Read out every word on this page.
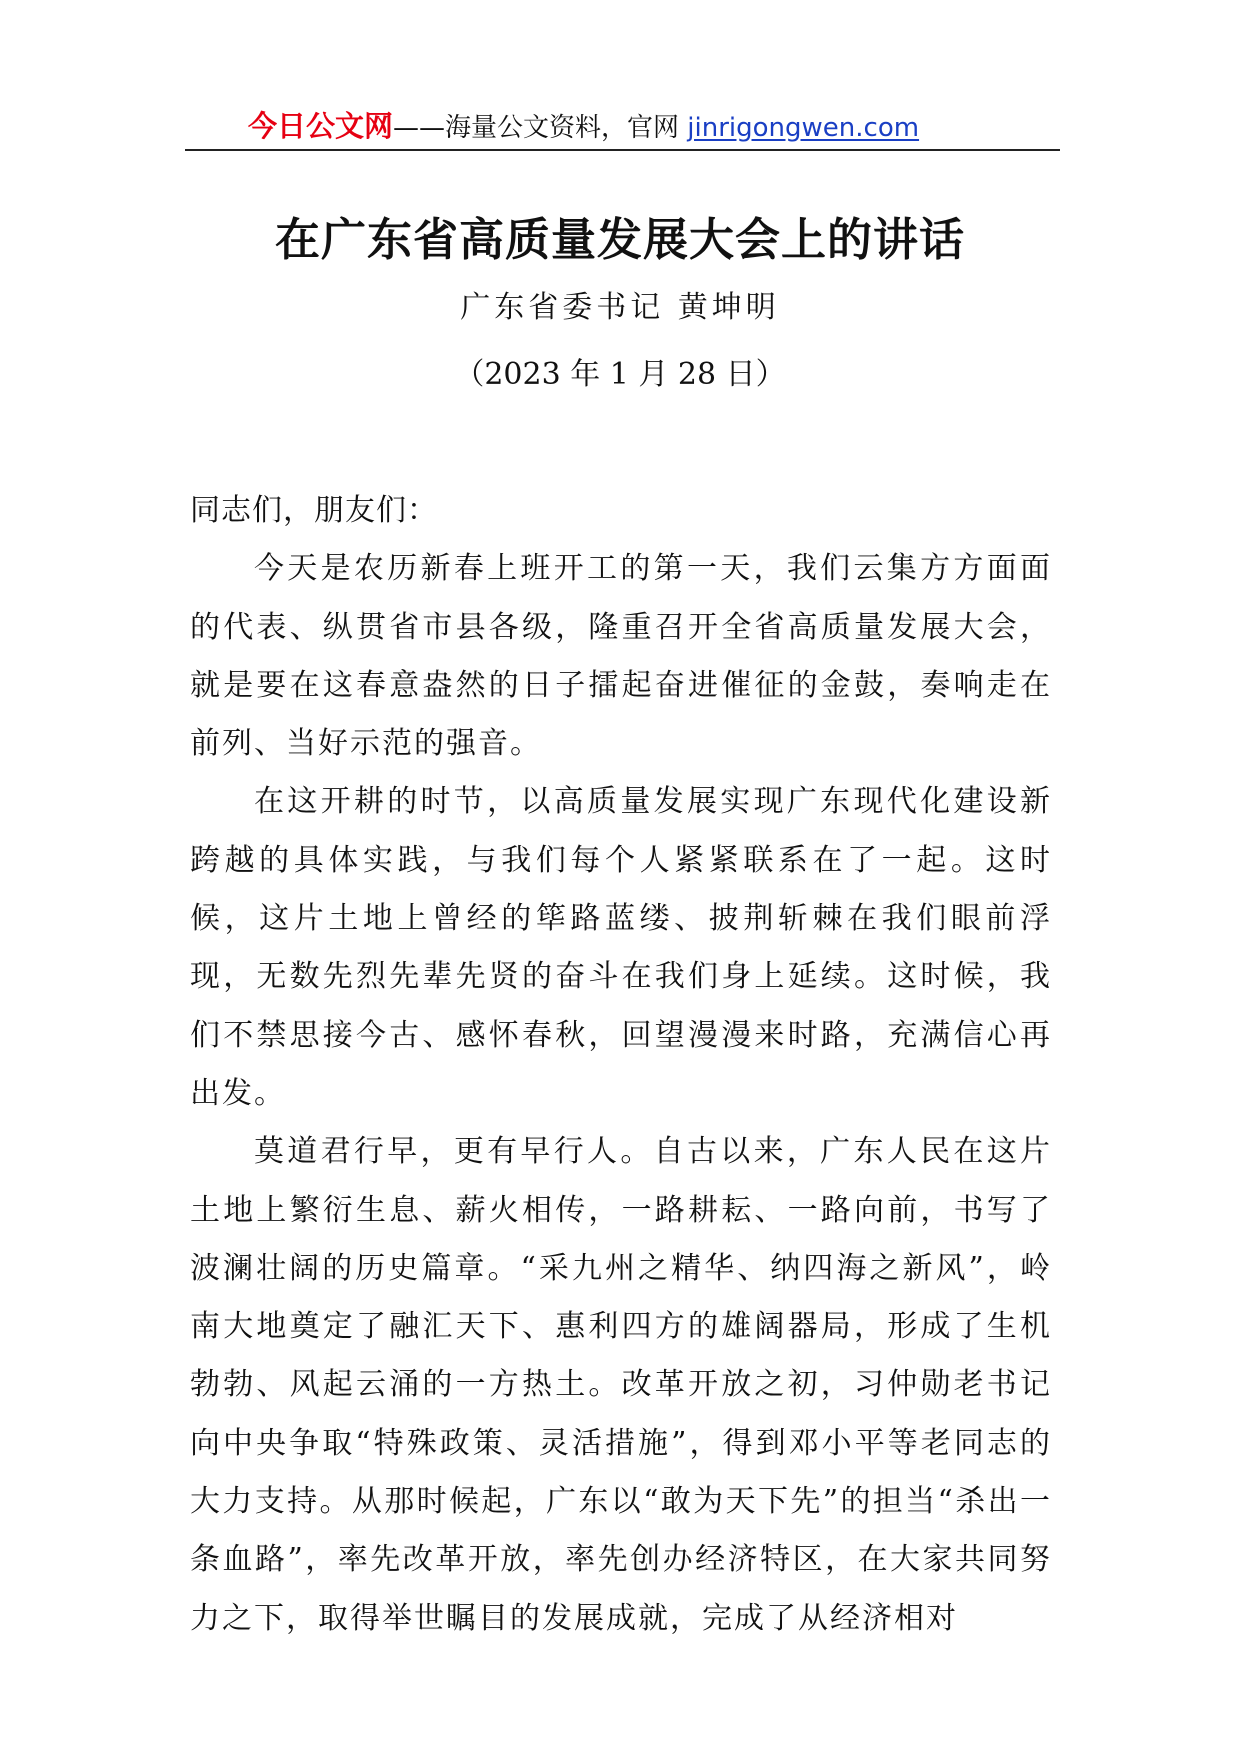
今日公文网——海量公文资料，官网 jinrigongwen.com
在广东省高质量发展大会上的讲话
广东省委书记 黄坤明
（2023 年 1 月 28 日）

同志们，朋友们：

今天是农历新春上班开工的第一天，我们云集方方面面的代表、纵贯省市县各级，隆重召开全省高质量发展大会，就是要在这春意盎然的日子擂起奋进催征的金鼓，奏响走在前列、当好示范的强音。

在这开耕的时节，以高质量发展实现广东现代化建设新跨越的具体实践，与我们每个人紧紧联系在了一起。这时候，这片土地上曾经的筚路蓝缕、披荆斩棘在我们眼前浮现，无数先烈先辈先贤的奋斗在我们身上延续。这时候，我们不禁思接今古、感怀春秋，回望漫漫来时路，充满信心再出发。

莫道君行早，更有早行人。自古以来，广东人民在这片土地上繁衍生息、薪火相传，一路耕耘、一路向前，书写了波澜壮阔的历史篇章。“采九州之精华、纳四海之新风”，岭南大地奠定了融汇天下、惠利四方的雄阔器局，形成了生机勃勃、风起云涌的一方热土。改革开放之初，习仲勋老书记向中央争取“特殊政策、灵活措施”，得到邓小平等老同志的大力支持。从那时候起，广东以“敢为天下先”的担当“杀出一条血路”，率先改革开放，率先创办经济特区，在大家共同努力之下，取得举世瞩目的发展成就，完成了从经济相对
